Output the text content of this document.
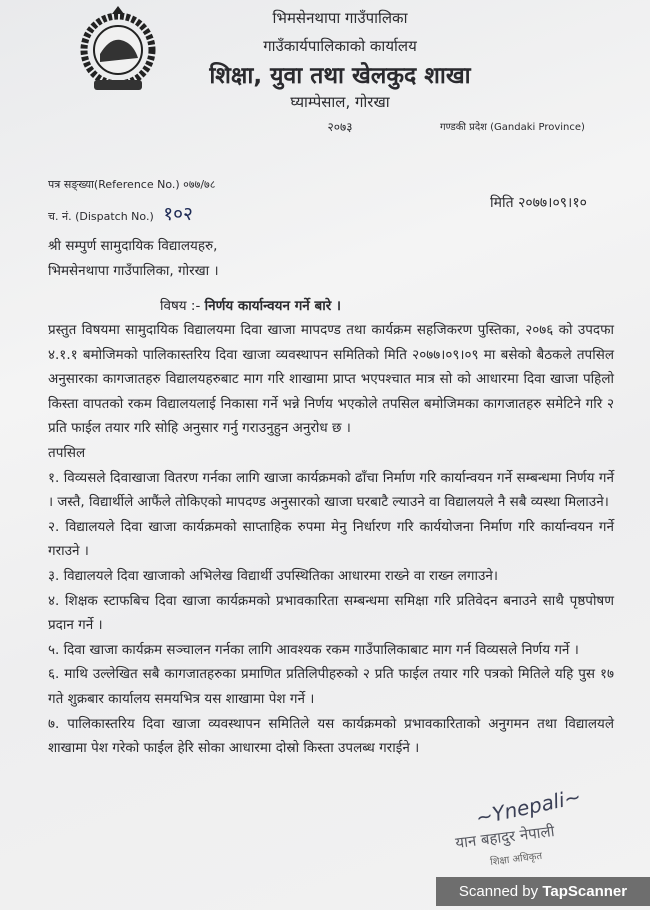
भिमसेनथापा गाउँपालिका
गाउँकार्यपालिकाको कार्यालय
शिक्षा, युवा तथा खेलकुद शाखा
घ्याम्पेसाल, गोरखा
२०७३	गण्डकी प्रदेश (Gandaki Province)
पत्र सङ्ख्या(Reference No.) ०७७/७८
च. नं. (Dispatch No.) १०२	मिति २०७७।०९।१०
श्री सम्पुर्ण सामुदायिक विद्यालयहरु,
भिमसेनथापा गाउँपालिका, गोरखा ।
विषय :- निर्णय कार्यान्वयन गर्ने बारे ।

प्रस्तुत विषयमा सामुदायिक विद्यालयमा दिवा खाजा मापदण्ड तथा कार्यक्रम सहजिकरण पुस्तिका, २०७६ को उपदफा ४.१.१ बमोजिमको पालिकास्तरिय दिवा खाजा व्यवस्थापन समितिको मिति २०७७।०९।०९ मा बसेको बैठकले तपसिल अनुसारका कागजातहरु विद्यालयहरुबाट माग गरि शाखामा प्राप्त भएपश्चात मात्र सो को आधारमा दिवा खाजा पहिलो किस्ता वापतको रकम विद्यालयलाई निकासा गर्ने भन्ने निर्णय भएकोले तपसिल बमोजिमका कागजातहरु समेटिने गरि २ प्रति फाईल तयार गरि सोहि अनुसार गर्नु गराउनुहुन अनुरोध छ ।

तपसिल

१. विव्यसले दिवाखाजा वितरण गर्नका लागि खाजा कार्यक्रमको ढाँचा निर्माण गरि कार्यान्वयन गर्ने सम्बन्धमा निर्णय गर्ने । जस्तै, विद्यार्थीले आफैंले तोकिएको मापदण्ड अनुसारको खाजा घरबाटै ल्याउने वा विद्यालयले नै सबै व्यस्था मिलाउने।

२. विद्यालयले दिवा खाजा कार्यक्रमको साप्ताहिक रुपमा मेनु निर्धारण गरि कार्ययोजना निर्माण गरि कार्यान्वयन गर्ने गराउने ।

३. विद्यालयले दिवा खाजाको अभिलेख विद्यार्थी उपस्थितिका आधारमा राख्ने वा राख्न लगाउने।

४. शिक्षक स्टाफबिच दिवा खाजा कार्यक्रमको प्रभावकारिता सम्बन्धमा समिक्षा गरि प्रतिवेदन बनाउने साथै पृष्ठपोषण प्रदान गर्ने ।

५. दिवा खाजा कार्यक्रम सञ्चालन गर्नका लागि आवश्यक रकम गाउँपालिकाबाट माग गर्न विव्यसले निर्णय गर्ने ।

६. माथि उल्लेखित सबै कागजातहरुका प्रमाणित प्रतिलिपीहरुको २ प्रति फाईल तयार गरि पत्रको मितिले यहि पुस १७ गते शुक्रबार कार्यालय समयभित्र यस शाखामा पेश गर्ने ।

७. पालिकास्तरिय दिवा खाजा व्यवस्थापन समितिले यस कार्यक्रमको प्रभावकारिताको अनुगमन तथा विद्यालयले शाखामा पेश गरेको फाईल हेरि सोका आधारमा दोस्रो किस्ता उपलब्ध गराईने ।

~Ynepali~
यान बहादुर नेपाली
शिक्षा अधिकृत
Scanned by TapScanner
